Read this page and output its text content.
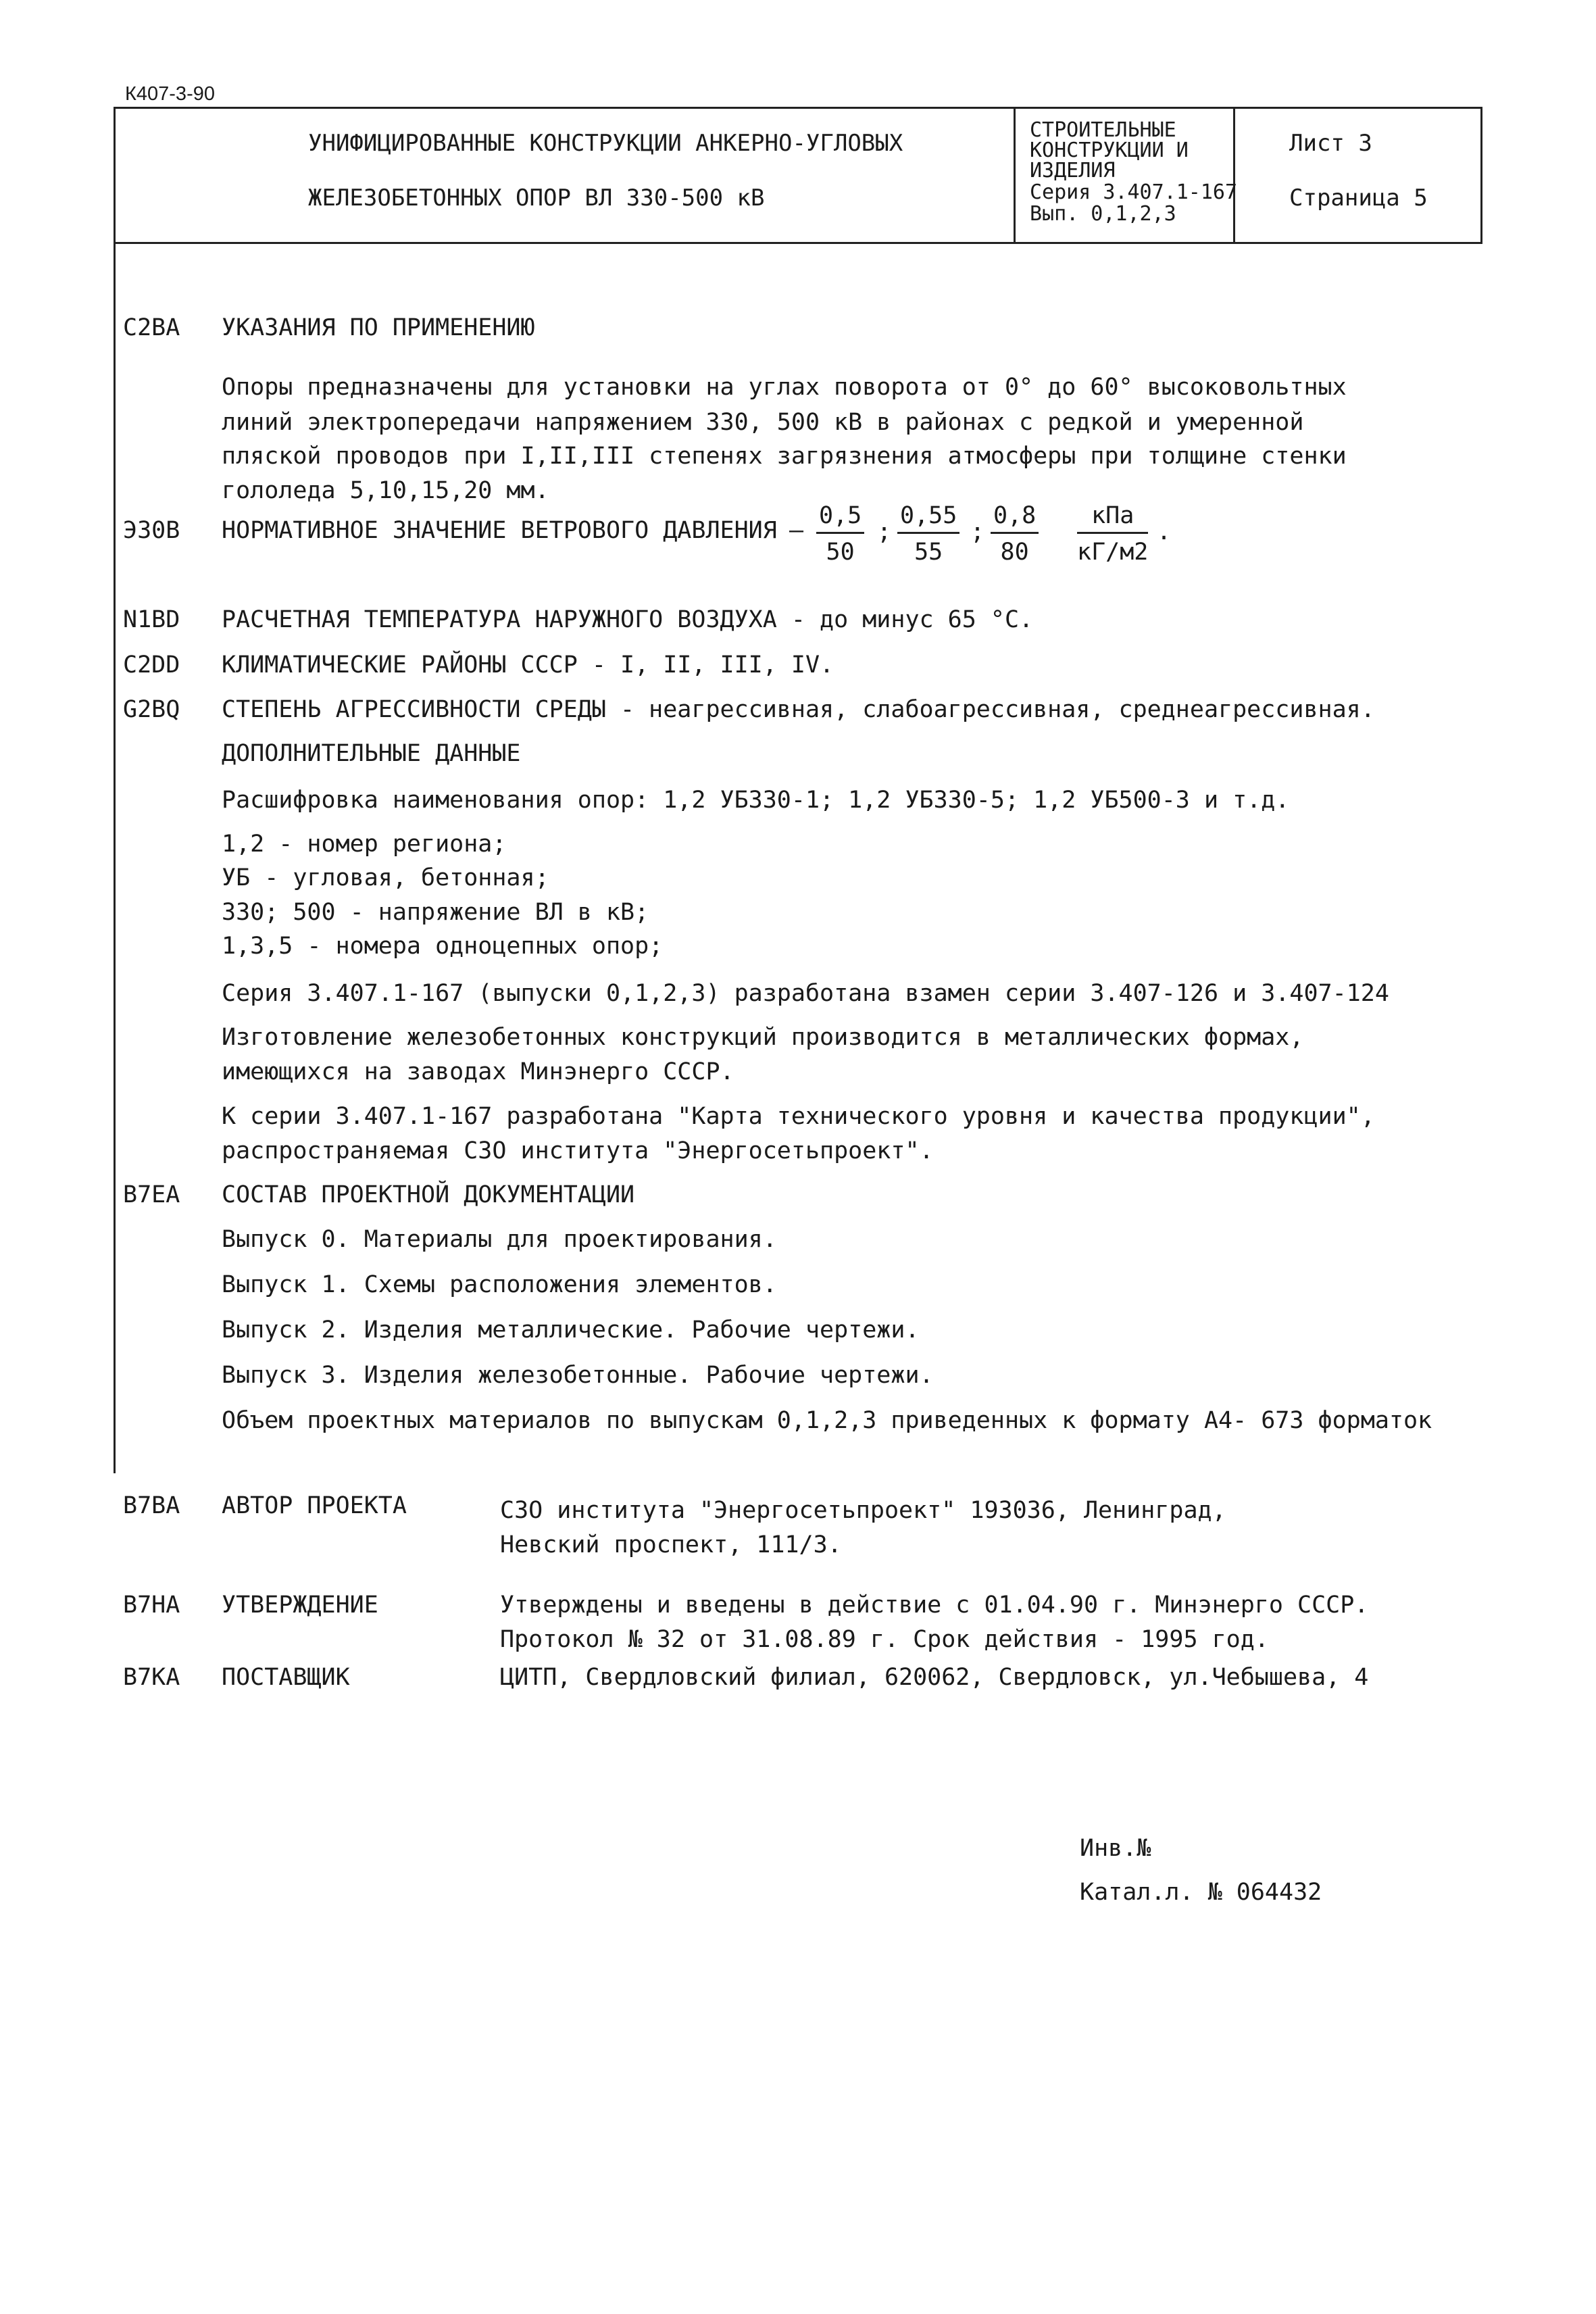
К407-3-90
УНИФИЦИРОВАННЫЕ КОНСТРУКЦИИ АНКЕРНО-УГЛОВЫХ
ЖЕЛЕЗОБЕТОННЫХ ОПОР ВЛ 330-500 кВ
СТРОИТЕЛЬНЫЕ
КОНСТРУКЦИИ И
ИЗДЕЛИЯ
Серия 3.407.1-167
Вып. 0,1,2,3
Лист 3
Страница 5
C2ВА УКАЗАНИЯ ПО ПРИМЕНЕНИЮ
Опоры предназначены для установки на углах поворота от 0° до 60° высоковольтных
линий электропередачи напряжением 330, 500 кВ в районах с редкой и умеренной
пляской проводов при I,II,III степенях загрязнения атмосферы при толщине стенки
гололеда 5,10,15,20 мм.
Э30В НОРМАТИВНОЕ ЗНАЧЕНИЕ ВЕТРОВОГО ДАВЛЕНИЯ – $\frac{0,5}{50}$ ; $\frac{0,55}{55}$ ; $\frac{0,8}{80}$	кПа
кГ/м2
.
N1BD РАСЧЕТНАЯ ТЕМПЕРАТУРА НАРУЖНОГО ВОЗДУХА - до минус 65 °С.
C2DD КЛИМАТИЧЕСКИЕ РАЙОНЫ СССР - I, II, III, IV.
G2BQ СТЕПЕНЬ АГРЕССИВНОСТИ СРЕДЫ - неагрессивная, слабоагрессивная, среднеагрессивная.
ДОПОЛНИТЕЛЬНЫЕ ДАННЫЕ
Расшифровка наименования опор: 1,2 УБ330-1; 1,2 УБ330-5; 1,2 УБ500-3 и т.д.
1,2 - номер региона;
УБ - угловая, бетонная;
330; 500 - напряжение ВЛ в кВ;
1,3,5 - номера одноцепных опор;
Серия 3.407.1-167 (выпуски 0,1,2,3) разработана взамен серии 3.407-126 и 3.407-124
Изготовление железобетонных конструкций производится в металлических формах,
имеющихся на заводах Минэнерго СССР.
К серии 3.407.1-167 разработана "Карта технического уровня и качества продукции",
распространяемая СЗО института "Энергосетьпроект".
B7EA СОСТАВ ПРОЕКТНОЙ ДОКУМЕНТАЦИИ
Выпуск 0. Материалы для проектирования.
Выпуск 1. Схемы расположения элементов.
Выпуск 2. Изделия металлические. Рабочие чертежи.
Выпуск 3. Изделия железобетонные. Рабочие чертежи.
Объем проектных материалов по выпускам 0,1,2,3 приведенных к формату А4- 673 форматок
B7ВА АВТОР ПРОЕКТА	СЗО института "Энергосетьпроект" 193036, Ленинград,
Невский проспект, 111/3.
B7НА УТВЕРЖДЕНИЕ	Утверждены и введены в действие с 01.04.90 г. Минэнерго СССР.
Протокол № 32 от 31.08.89 г. Срок действия - 1995 год.
B7КА ПОСТАВЩИК	ЦИТП, Свердловский филиал, 620062, Свердловск, ул.Чебышева, 4
Инв.№
Катал.л. № 064432
